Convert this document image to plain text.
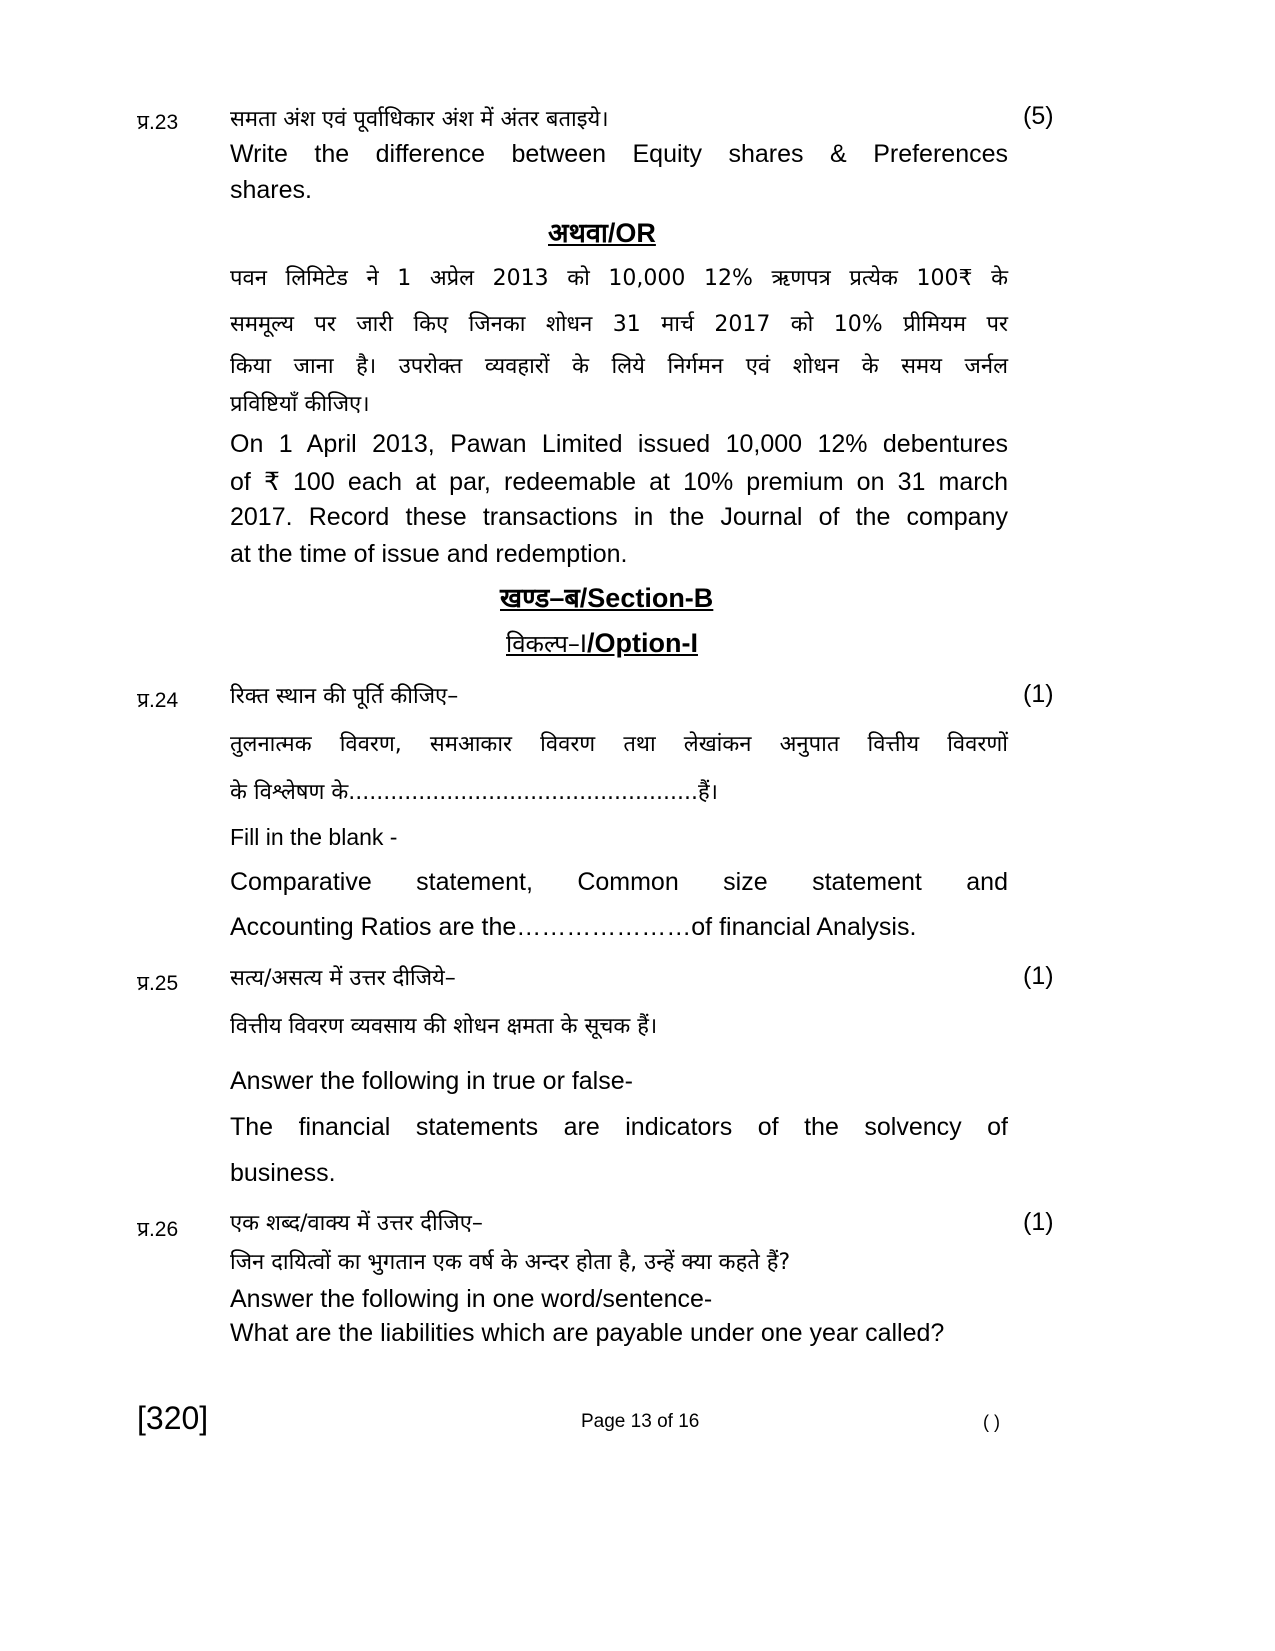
प्र.23	(5)
समता अंश एवं पूर्वाधिकार अंश में अंतर बताइये।
Write the difference between Equity shares & Preferences
shares.
अथवा/OR
पवन लिमिटेड ने 1 अप्रेल 2013 को 10,000 12% ऋणपत्र प्रत्येक 100₹ के
सममूल्य पर जारी किए जिनका शोधन 31 मार्च 2017 को 10% प्रीमियम पर
किया जाना है। उपरोक्त व्यवहारों के लिये निर्गमन एवं शोधन के समय जर्नल
प्रविष्टियाँ कीजिए।
On 1 April 2013, Pawan Limited issued 10,000 12% debentures
of ₹ 100 each at par, redeemable at 10% premium on 31 march
2017. Record these transactions in the Journal of the company
at the time of issue and redemption.
खण्ड–ब/Section-B
विकल्प–I/Option-I
प्र.24	(1)
रिक्त स्थान की पूर्ति कीजिए–
तुलनात्मक विवरण, समआकार विवरण तथा लेखांकन अनुपात वित्तीय विवरणों
के विश्लेषण के..................................................हैं।
Fill in the blank -
Comparative statement, Common size statement and
Accounting Ratios are the…………………of financial Analysis.
प्र.25	(1)
सत्य/असत्य में उत्तर दीजिये–
वित्तीय विवरण व्यवसाय की शोधन क्षमता के सूचक हैं।
Answer the following in true or false-
The financial statements are indicators of the solvency of
business.
प्र.26	(1)
एक शब्द/वाक्य में उत्तर दीजिए–
जिन दायित्वों का भुगतान एक वर्ष के अन्दर होता है, उन्हें क्या कहते हैं?
Answer the following in one word/sentence-
What are the liabilities which are payable under one year called?
[320]	Page 13 of 16	( )
